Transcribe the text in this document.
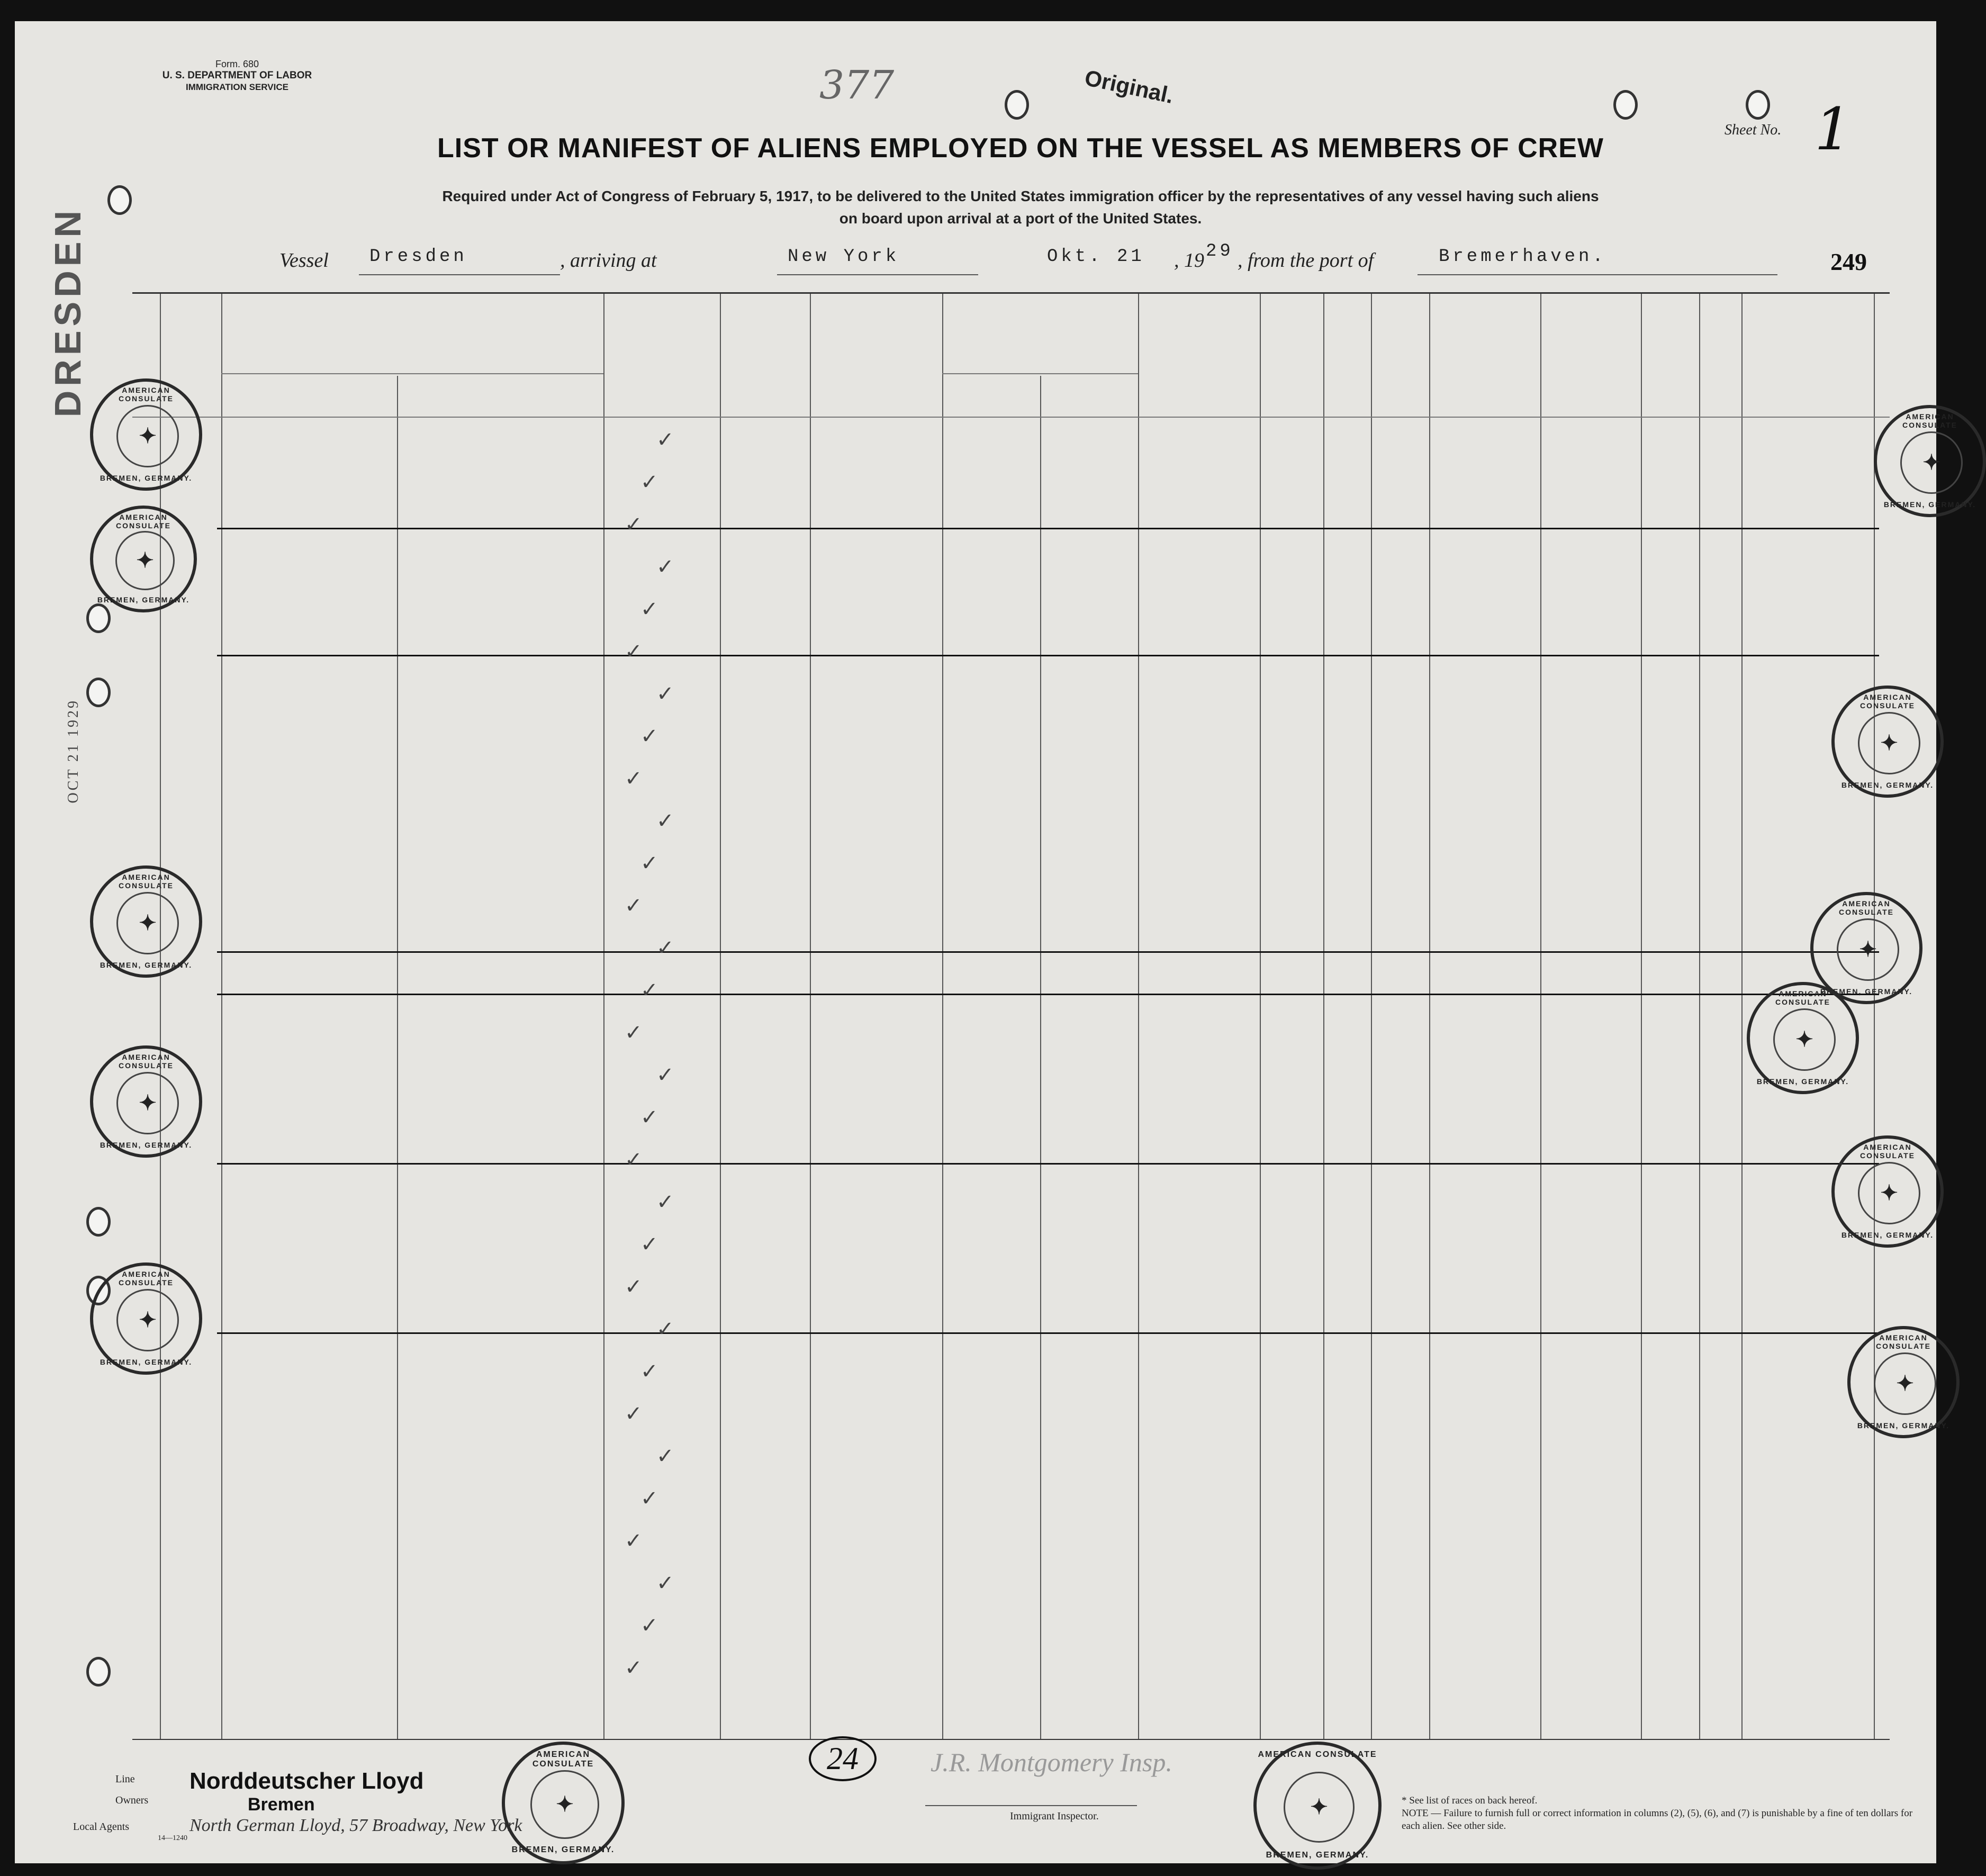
DRESDEN
OCT 21 1929
Form. 680
U. S. DEPARTMENT OF LABOR
IMMIGRATION SERVICE	377	Original.
Sheet No. 1
LIST OR MANIFEST OF ALIENS EMPLOYED ON THE VESSEL AS MEMBERS OF CREW
Required under Act of Congress of February 5, 1917, to be delivered to the United States immigration officer by the representatives of any vessel having such aliens
on board upon arrival at a port of the United States.
Vessel Dresden	, arriving at	New York	Okt. 21 , 19 29 , from the port of	Bremerhaven.	249
✓
✓
✓
✓
✓
✓
✓
✓
✓
✓
✓
✓
✓
✓
✓
✓
✓
✓
✓
✓
✓
✓
✓
✓
✓
✓
✓
✓
✓
✓
AMERICAN CONSULATE
BREMEN, GERMANY.
✦
AMERICAN CONSULATE
BREMEN, GERMANY.
✦
AMERICAN CONSULATE
BREMEN, GERMANY.
✦
AMERICAN CONSULATE
BREMEN, GERMANY.
✦
AMERICAN CONSULATE
BREMEN, GERMANY.
✦
AMERICAN CONSULATE
BREMEN, GERMANY.
✦
AMERICAN CONSULATE
BREMEN, GERMANY.
✦
AMERICAN CONSULATE
BREMEN, GERMANY.
✦
AMERICAN CONSULATE
BREMEN, GERMANY.
✦
AMERICAN CONSULATE
BREMEN, GERMANY.
✦
AMERICAN CONSULATE
BREMEN, GERMANY.
✦
Line Norddeutscher Lloyd
Owners	Bremen
Local Agents	North German Lloyd, 57 Broadway, New York
14—1240
24	J.R. Montgomery Insp.
Immigrant Inspector.
* See list of races on back hereof.
NOTE — Failure to furnish full or correct information in columns (2), (5), (6), and (7) is punishable by a fine of ten dollars for each alien. See other side.
AMERICAN CONSULATE
BREMEN, GERMANY.
✦
AMERICAN CONSULATE
BREMEN, GERMANY.
✦
